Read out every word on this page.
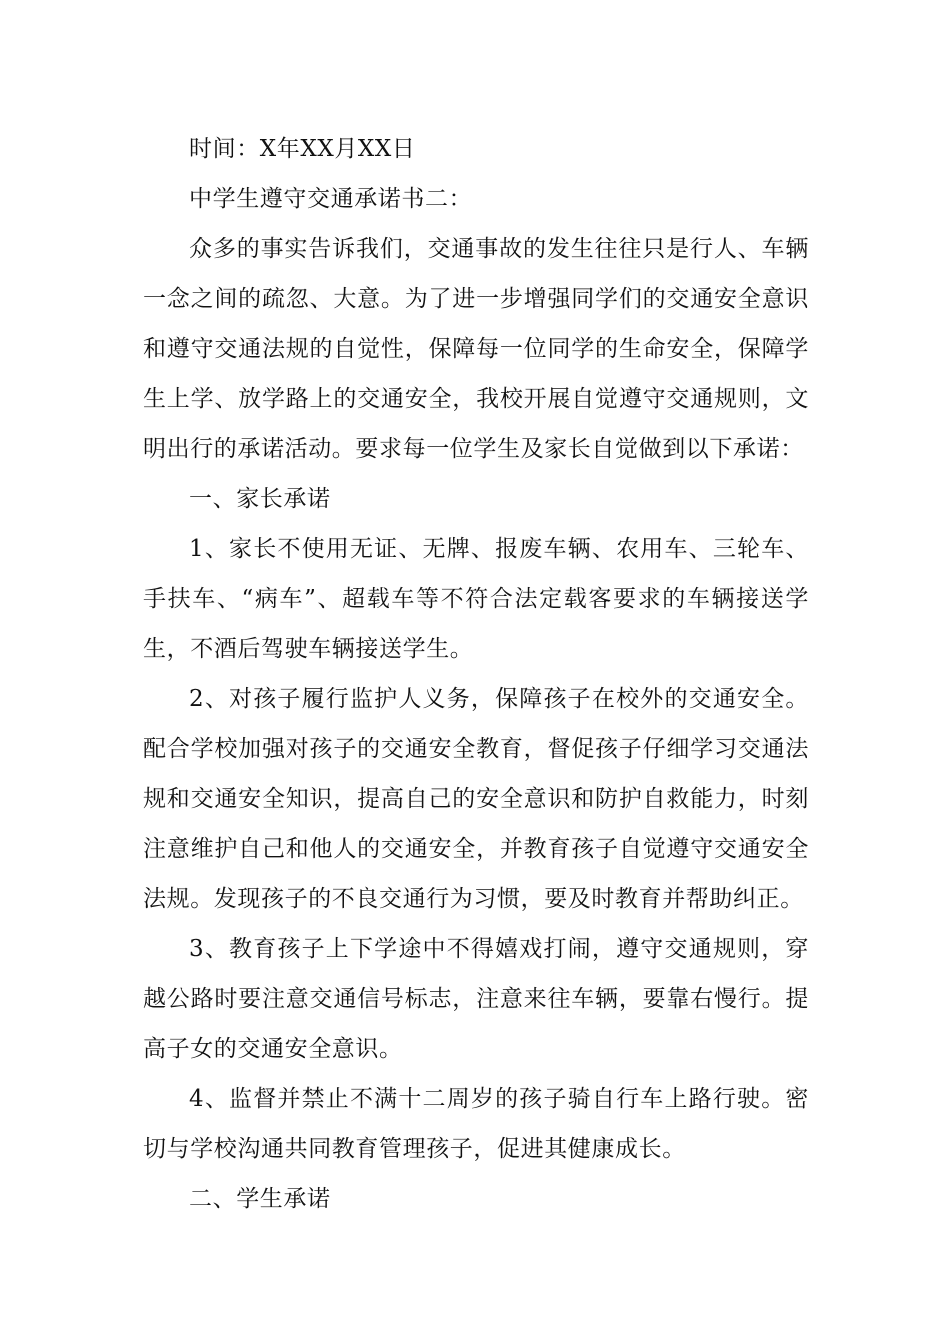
时间：X年XX月XX日

中学生遵守交通承诺书二：

众多的事实告诉我们，交通事故的发生往往只是行人、车辆一念之间的疏忽、大意。为了进一步增强同学们的交通安全意识和遵守交通法规的自觉性，保障每一位同学的生命安全，保障学生上学、放学路上的交通安全，我校开展自觉遵守交通规则，文明出行的承诺活动。要求每一位学生及家长自觉做到以下承诺：

一、家长承诺

1、家长不使用无证、无牌、报废车辆、农用车、三轮车、手扶车、“病车”、超载车等不符合法定载客要求的车辆接送学生，不酒后驾驶车辆接送学生。

2、对孩子履行监护人义务，保障孩子在校外的交通安全。配合学校加强对孩子的交通安全教育，督促孩子仔细学习交通法规和交通安全知识，提高自己的安全意识和防护自救能力，时刻注意维护自己和他人的交通安全，并教育孩子自觉遵守交通安全法规。发现孩子的不良交通行为习惯，要及时教育并帮助纠正。

3、教育孩子上下学途中不得嬉戏打闹，遵守交通规则，穿越公路时要注意交通信号标志，注意来往车辆，要靠右慢行。提高子女的交通安全意识。

4、监督并禁止不满十二周岁的孩子骑自行车上路行驶。密切与学校沟通共同教育管理孩子，促进其健康成长。

二、学生承诺
